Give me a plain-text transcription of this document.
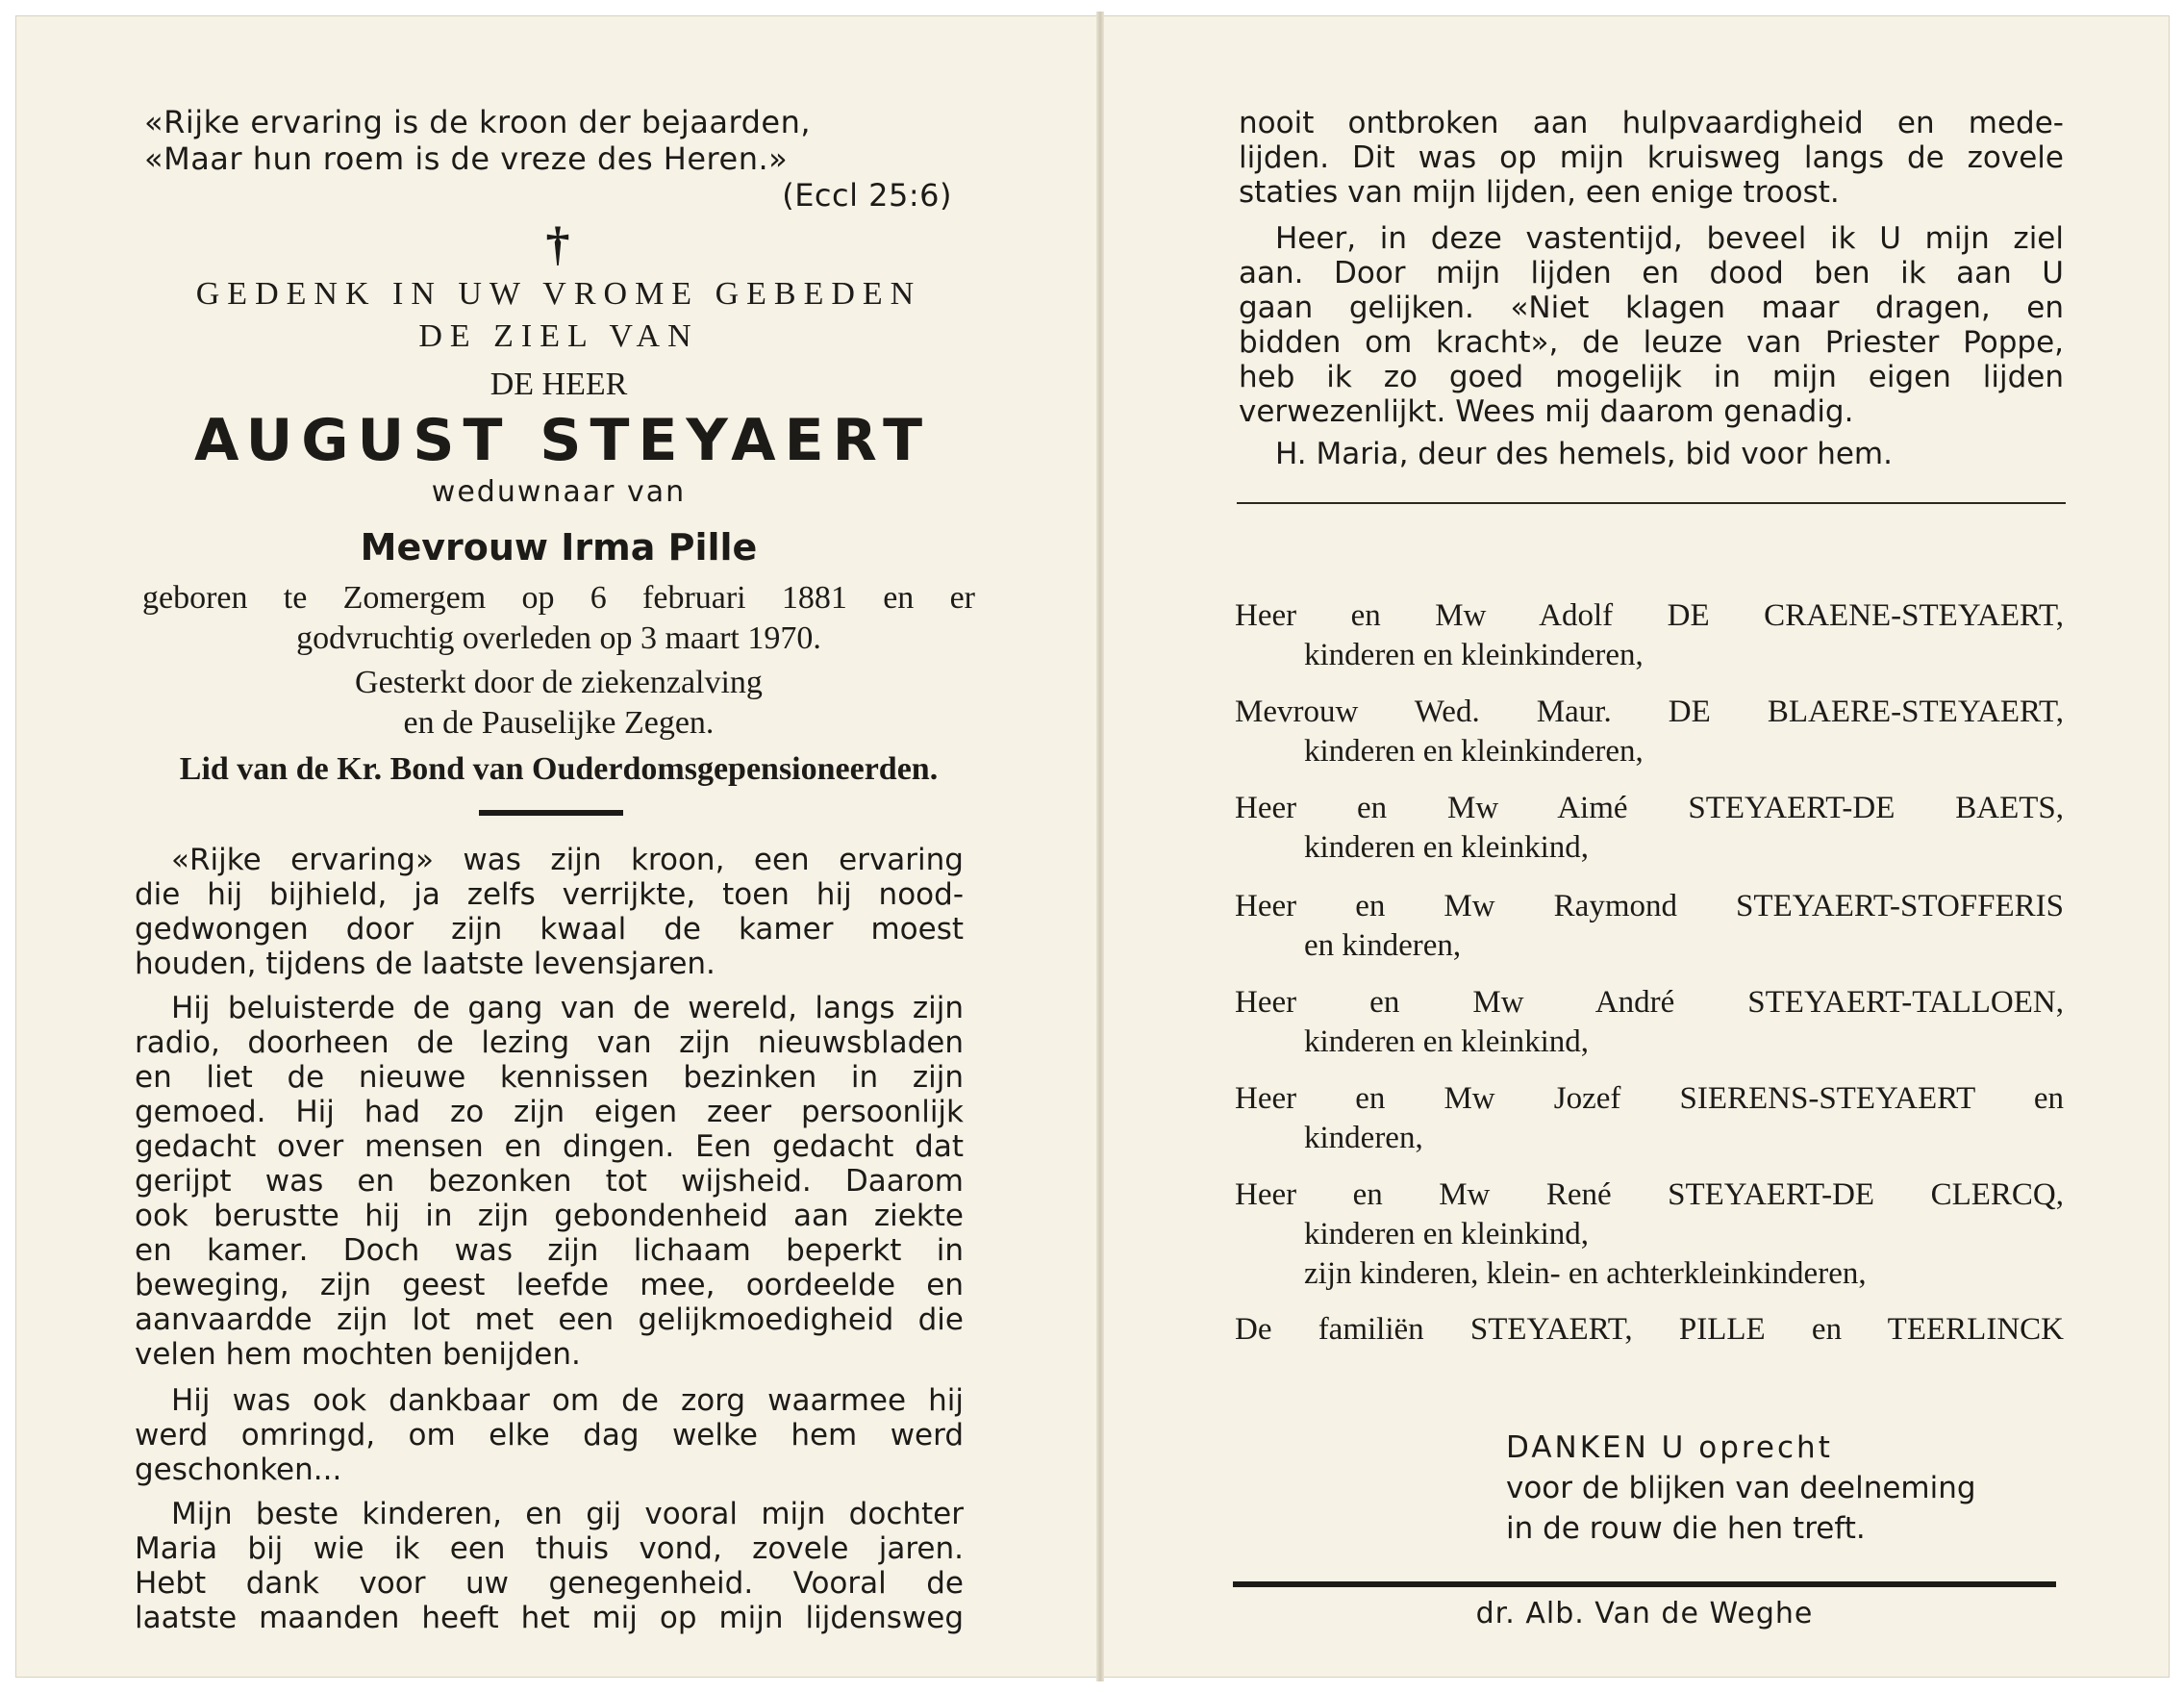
«Rijke ervaring is de kroon der bejaarden,
«Maar hun roem is de vreze des Heren.»
(Eccl 25:6)
†
GEDENK IN UW VROME GEBEDEN
DE ZIEL VAN
DE HEER
AUGUST STEYAERT
weduwnaar van
Mevrouw Irma Pille
geboren te Zomergem op 6 februari 1881 en er
godvruchtig overleden op 3 maart 1970.
Gesterkt door de ziekenzalving
en de Pauselijke Zegen.
Lid van de Kr. Bond van Ouderdomsgepensioneerden.
«Rijke ervaring» was zijn kroon, een ervaring
die hij bijhield, ja zelfs verrijkte, toen hij nood-
gedwongen door zijn kwaal de kamer moest
houden, tijdens de laatste levensjaren.
Hij beluisterde de gang van de wereld, langs zijn
radio, doorheen de lezing van zijn nieuwsbladen
en liet de nieuwe kennissen bezinken in zijn
gemoed. Hij had zo zijn eigen zeer persoonlijk
gedacht over mensen en dingen. Een gedacht dat
gerijpt was en bezonken tot wijsheid. Daarom
ook berustte hij in zijn gebondenheid aan ziekte
en kamer. Doch was zijn lichaam beperkt in
beweging, zijn geest leefde mee, oordeelde en
aanvaardde zijn lot met een gelijkmoedigheid die
velen hem mochten benijden.
Hij was ook dankbaar om de zorg waarmee hij
werd omringd, om elke dag welke hem werd
geschonken...
Mijn beste kinderen, en gij vooral mijn dochter
Maria bij wie ik een thuis vond, zovele jaren.
Hebt dank voor uw genegenheid. Vooral de
laatste maanden heeft het mij op mijn lijdensweg
nooit ontbroken aan hulpvaardigheid en mede-
lijden. Dit was op mijn kruisweg langs de zovele
staties van mijn lijden, een enige troost.
Heer, in deze vastentijd, beveel ik U mijn ziel
aan. Door mijn lijden en dood ben ik aan U
gaan gelijken. «Niet klagen maar dragen, en
bidden om kracht», de leuze van Priester Poppe,
heb ik zo goed mogelijk in mijn eigen lijden
verwezenlijkt. Wees mij daarom genadig.
H. Maria, deur des hemels, bid voor hem.
Heer en Mw Adolf DE CRAENE-STEYAERT,
kinderen en kleinkinderen,
Mevrouw Wed. Maur. DE BLAERE-STEYAERT,
kinderen en kleinkinderen,
Heer en Mw Aimé STEYAERT-DE BAETS,
kinderen en kleinkind,
Heer en Mw Raymond STEYAERT-STOFFERIS
en kinderen,
Heer en Mw André STEYAERT-TALLOEN,
kinderen en kleinkind,
Heer en Mw Jozef SIERENS-STEYAERT en
kinderen,
Heer en Mw René STEYAERT-DE CLERCQ,
kinderen en kleinkind,
zijn kinderen, klein- en achterkleinkinderen,
De familiën STEYAERT, PILLE en TEERLINCK
DANKEN U oprecht
voor de blijken van deelneming
in de rouw die hen treft.
dr. Alb. Van de Weghe
